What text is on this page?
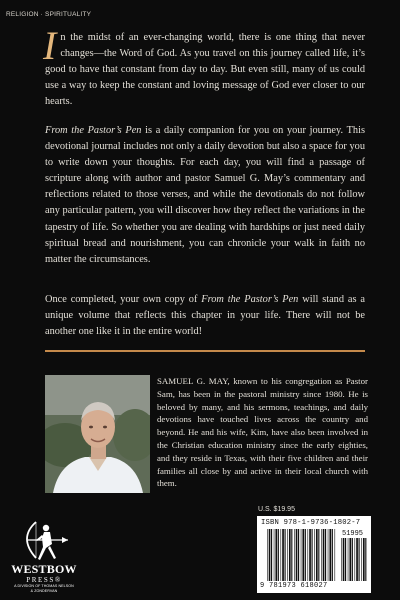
RELIGION · SPIRITUALITY
In the midst of an ever-changing world, there is one thing that never changes—the Word of God. As you travel on this journey called life, it’s good to have that constant from day to day. But even still, many of us could use a way to keep the constant and loving message of God ever closer to our hearts.
From the Pastor’s Pen is a daily companion for you on your journey. This devotional journal includes not only a daily devotion but also a space for you to write down your thoughts. For each day, you will find a passage of scripture along with author and pastor Samuel G. May’s commentary and reflections related to those verses, and while the devotionals do not follow any particular pattern, you will discover how they reflect the variations in the tapestry of life. So whether you are dealing with hardships or just need daily spiritual bread and nourishment, you can chronicle your walk in faith no matter the circumstances.
Once completed, your own copy of From the Pastor’s Pen will stand as a unique volume that reflects this chapter in your life. There will not be another one like it in the entire world!
SAMUEL G. MAY, known to his congregation as Pastor Sam, has been in the pastoral ministry since 1980. He is beloved by many, and his sermons, teachings, and daily devotions have touched lives across the country and beyond. He and his wife, Kim, have also been involved in the Christian education ministry since the early eighties, and they reside in Texas, with their five children and their families all close by and active in their local church with them.
U.S. $19.95
ISBN 978-1-9736-1802-7
51995
9 781973 618027
WESTBOW
PRESS®
A DIVISION OF THOMAS NELSON
& ZONDERVAN
